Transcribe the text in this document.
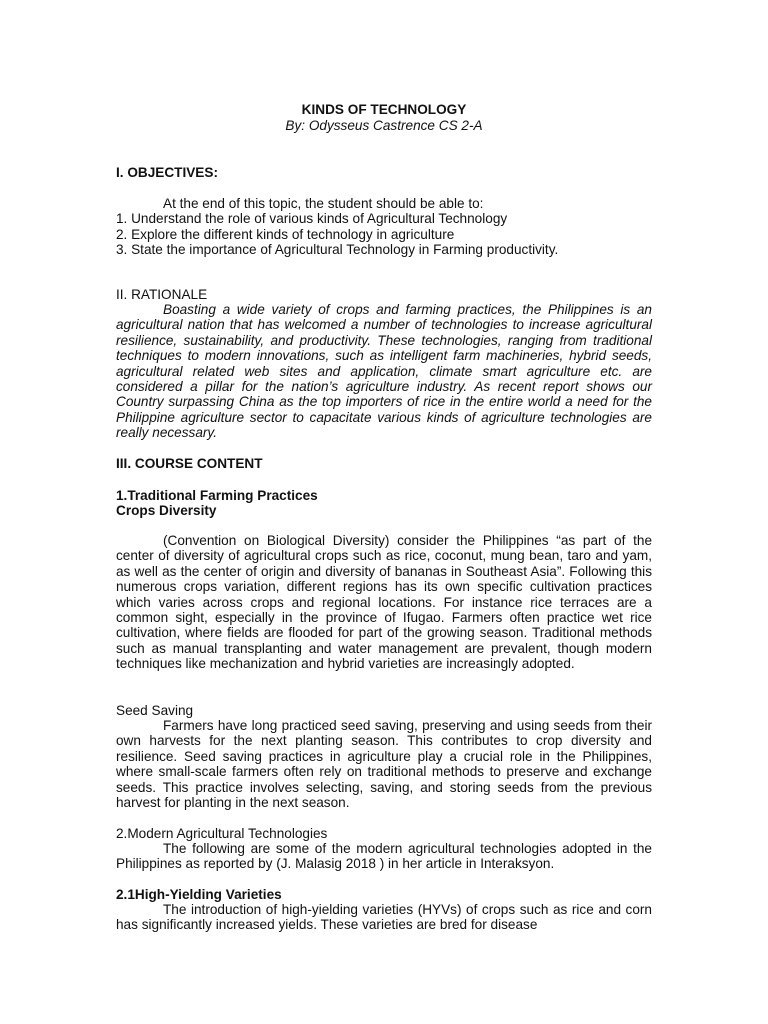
KINDS OF TECHNOLOGY
By: Odysseus Castrence CS 2-A
I. OBJECTIVES:

At the end of this topic, the student should be able to:

1. Understand the role of various kinds of Agricultural Technology

2. Explore the different kinds of technology in agriculture

3. State the importance of Agricultural Technology in Farming productivity.

II. RATIONALE
Boasting a wide variety of crops and farming practices, the Philippines is an agricultural nation that has welcomed a number of technologies to increase agricultural resilience, sustainability, and productivity. These technologies, ranging from traditional techniques to modern innovations, such as intelligent farm machineries, hybrid seeds, agricultural related web sites and application, climate smart agriculture etc. are considered a pillar for the nation’s agriculture industry. As recent report shows our Country surpassing China as the top importers of rice in the entire world a need for the Philippine agriculture sector to capacitate various kinds of agriculture technologies are really necessary.
III. COURSE CONTENT
1.Traditional Farming Practices
Crops Diversity
(Convention on Biological Diversity) consider the Philippines “as part of the center of diversity of agricultural crops such as rice, coconut, mung bean, taro and yam, as well as the center of origin and diversity of bananas in Southeast Asia”. Following this numerous crops variation, different regions has its own specific cultivation practices which varies across crops and regional locations. For instance rice terraces are a common sight, especially in the province of Ifugao. Farmers often practice wet rice cultivation, where fields are flooded for part of the growing season. Traditional methods such as manual transplanting and water management are prevalent, though modern techniques like mechanization and hybrid varieties are increasingly adopted.
Seed Saving
Farmers have long practiced seed saving, preserving and using seeds from their own harvests for the next planting season. This contributes to crop diversity and resilience. Seed saving practices in agriculture play a crucial role in the Philippines, where small-scale farmers often rely on traditional methods to preserve and exchange seeds. This practice involves selecting, saving, and storing seeds from the previous harvest for planting in the next season.
2.Modern Agricultural Technologies
The following are some of the modern agricultural technologies adopted in the Philippines as reported by (J. Malasig 2018 ) in her article in Interaksyon.
2.1High-Yielding Varieties
The introduction of high-yielding varieties (HYVs) of crops such as rice and corn has significantly increased yields. These varieties are bred for disease
